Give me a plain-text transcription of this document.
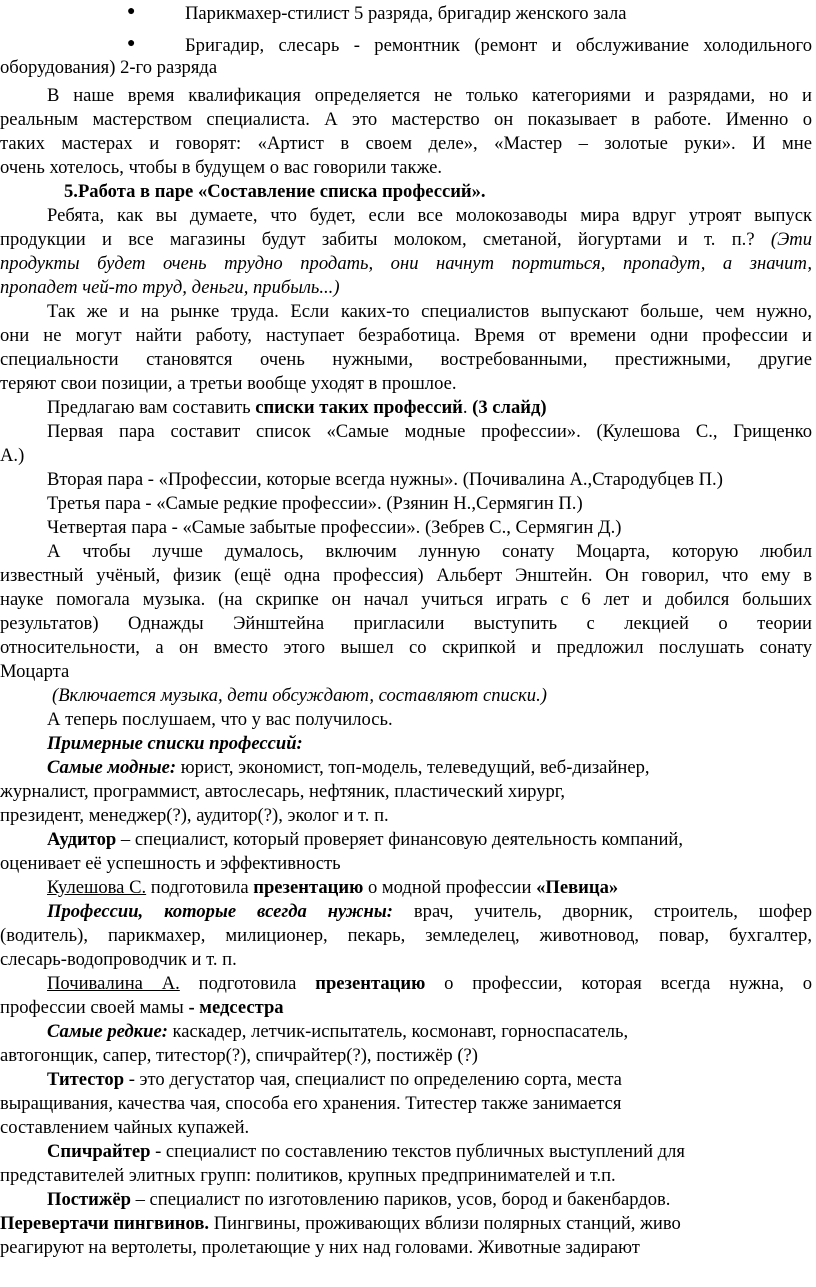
●	Парикмахер-стилист 5 разряда, бригадир женского зала
●	Бригадир, слесарь - ремонтник (ремонт и обслуживание холодильного
оборудования) 2-го разряда
В наше время квалификация определяется не только категориями и разрядами, но и
реальным мастерством специалиста. А это мастерство он показывает в работе. Именно о
таких мастерах и говорят: «Артист в своем деле», «Мастер – золотые руки». И мне
очень хотелось, чтобы в будущем о вас говорили также.
5.Работа в паре «Составление списка профессий».
Ребята, как вы думаете, что будет, если все молокозаводы мира вдруг утроят выпуск
продукции и все магазины будут забиты молоком, сметаной, йогуртами и т. п.? (Эти
продукты будет очень трудно продать, они начнут портиться, пропадут, а значит,
пропадет чей-то труд, деньги, прибыль...)
Так же и на рынке труда. Если каких-то специалистов выпускают больше, чем нужно,
они не могут найти работу, наступает безработица. Время от времени одни профессии и
специальности становятся очень нужными, востребованными, престижными, другие
теряют свои позиции, а третьи вообще уходят в прошлое.
Предлагаю вам составить списки таких профессий. (3 слайд)
Первая пара составит список «Самые модные профессии». (Кулешова С., Грищенко
А.)
Вторая пара - «Профессии, которые всегда нужны». (Почивалина А.,Стародубцев П.)
Третья пара - «Самые редкие профессии». (Рзянин Н.,Сермягин П.)
Четвертая пара - «Самые забытые профессии». (Зебрев С., Сермягин Д.)
А чтобы лучше думалось, включим лунную сонату Моцарта, которую любил
известный учёный, физик (ещё одна профессия) Альберт Энштейн. Он говорил, что ему в
науке помогала музыка. (на скрипке он начал учиться играть с 6 лет и добился больших
результатов) Однажды Эйнштейна пригласили выступить с лекцией о теории
относительности, а он вместо этого вышел со скрипкой и предложил послушать сонату
Моцарта
(Включается музыка, дети обсуждают, составляют списки.)
А теперь послушаем, что у вас получилось.
Примерные списки профессий:
Самые модные: юрист, экономист, топ-модель, телеведущий, веб-дизайнер,
журналист, программист, автослесарь, нефтяник, пластический хирург,
президент, менеджер(?), аудитор(?), эколог и т. п.
Аудитор – специалист, который проверяет финансовую деятельность компаний,
оценивает её успешность и эффективность
Кулешова С. подготовила презентацию о модной профессии «Певица»
Профессии, которые всегда нужны: врач, учитель, дворник, строитель, шофер
(водитель), парикмахер, милиционер, пекарь, земледелец, животновод, повар, бухгалтер,
слесарь-водопроводчик и т. п.
Почивалина А. подготовила презентацию о профессии, которая всегда нужна, о
профессии своей мамы - медсестра
Самые редкие: каскадер, летчик-испытатель, космонавт, горноспасатель,
автогонщик, сапер, титестор(?), спичрайтер(?), постижёр (?)
Титестор - это дегустатор чая, специалист по определению сорта, места
выращивания, качества чая, способа его хранения. Титестер также занимается
составлением чайных купажей.
Спичрайтер - специалист по составлению текстов публичных выступлений для
представителей элитных групп: политиков, крупных предпринимателей и т.п.
Постижёр – специалист по изготовлению париков, усов, бород и бакенбардов.
Перевертачи пингвинов. Пингвины, проживающих вблизи полярных станций, живо
реагируют на вертолеты, пролетающие у них над головами. Животные задирают
